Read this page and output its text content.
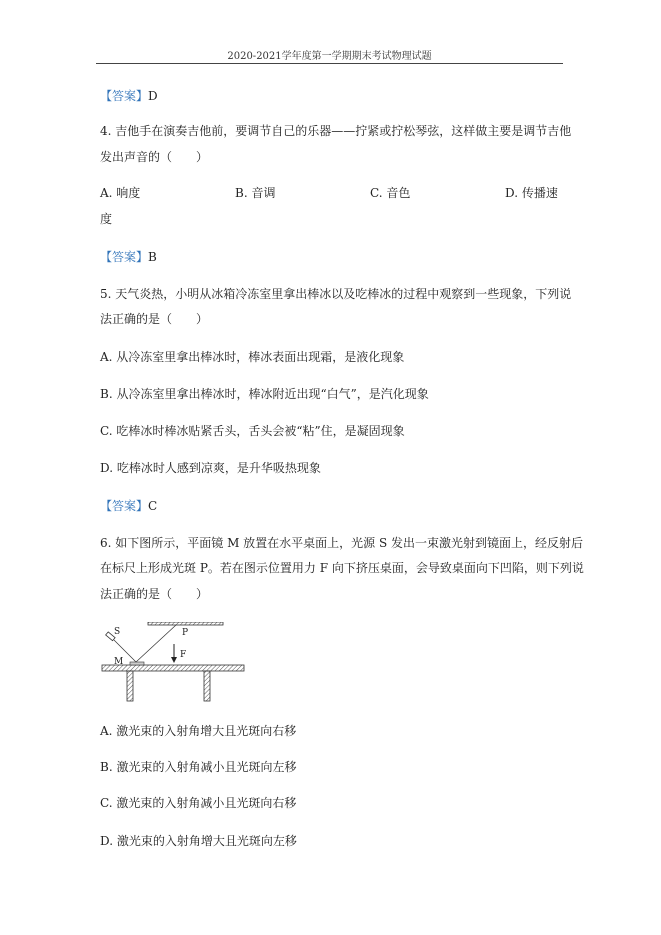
2020-2021学年度第一学期期末考试物理试题
【答案】D
4. 吉他手在演奏吉他前，要调节自己的乐器——拧紧或拧松琴弦，这样做主要是调节吉他
发出声音的（　　）
A. 响度	B. 音调	C. 音色	D. 传播速
度
【答案】B
5. 天气炎热，小明从冰箱冷冻室里拿出棒冰以及吃棒冰的过程中观察到一些现象，下列说
法正确的是（　　）
A. 从冷冻室里拿出棒冰时，棒冰表面出现霜，是液化现象
B. 从冷冻室里拿出棒冰时，棒冰附近出现“白气”，是汽化现象
C. 吃棒冰时棒冰贴紧舌头，舌头会被“粘”住，是凝固现象
D. 吃棒冰时人感到凉爽，是升华吸热现象
【答案】C
6. 如下图所示，平面镜 M 放置在水平桌面上，光源 S 发出一束激光射到镜面上，经反射后
在标尺上形成光斑 P。若在图示位置用力 F 向下挤压桌面，会导致桌面向下凹陷，则下列说
法正确的是（　　）
S	P
F
M
A. 激光束的入射角增大且光斑向右移
B. 激光束的入射角减小且光斑向左移
C. 激光束的入射角减小且光斑向右移
D. 激光束的入射角增大且光斑向左移
